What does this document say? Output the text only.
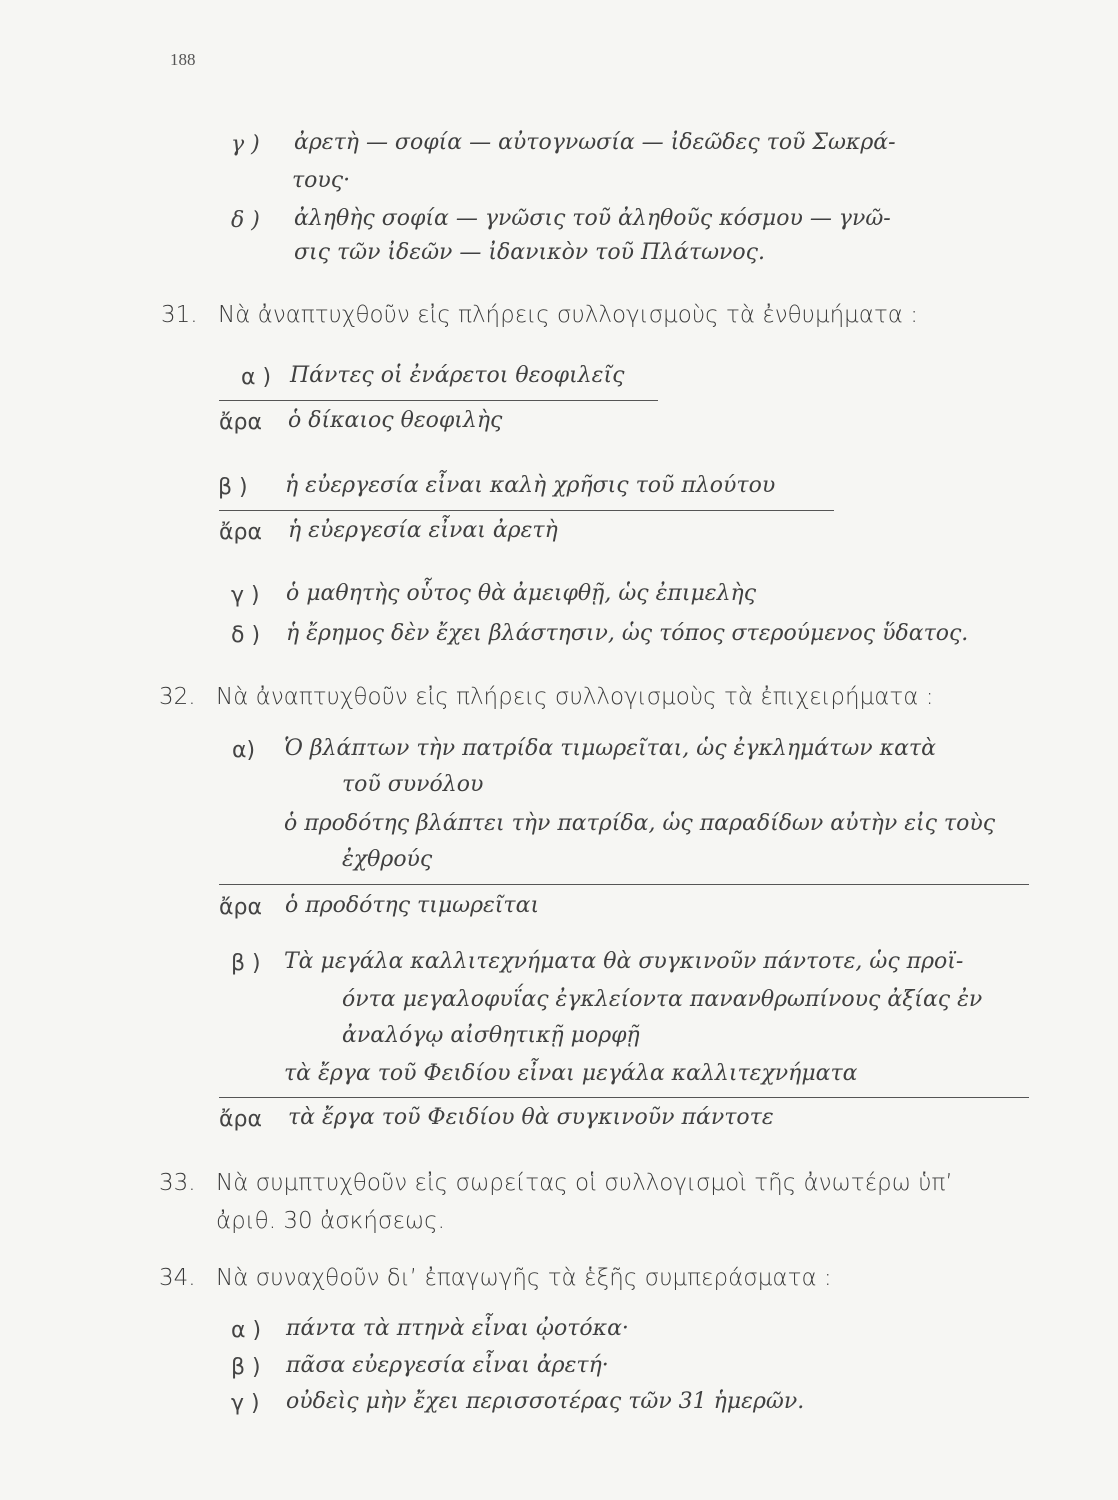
188
γ ) ἀρετὴ — σοφία — αὐτογνωσία — ἰδεῶδες τοῦ Σωκρά-
τους·
δ ) ἀληθὴς σοφία — γνῶσις τοῦ ἀληθοῦς κόσμου — γνῶ-
σις τῶν ἰδεῶν — ἰδανικὸν τοῦ Πλάτωνος.
31. Νὰ ἀναπτυχθοῦν εἰς πλήρεις συλλογισμοὺς τὰ ἐνθυμήματα :
α ) Πάντες οἱ ἐνάρετοι θεοφιλεῖς
ἄρα ὁ δίκαιος θεοφιλὴς
β ) ἡ εὐεργεσία εἶναι καλὴ χρῆσις τοῦ πλούτου
ἄρα ἡ εὐεργεσία εἶναι ἀρετὴ
γ ) ὁ μαθητὴς οὗτος θὰ ἀμειφθῇ, ὡς ἐπιμελὴς
δ ) ἡ ἔρημος δὲν ἔχει βλάστησιν, ὡς τόπος στερούμενος ὕδατος.
32. Νὰ ἀναπτυχθοῦν εἰς πλήρεις συλλογισμοὺς τὰ ἐπιχειρήματα :
α) Ὁ βλάπτων τὴν πατρίδα τιμωρεῖται, ὡς ἐγκλημάτων κατὰ
τοῦ συνόλου
ὁ προδότης βλάπτει τὴν πατρίδα, ὡς παραδίδων αὐτὴν εἰς τοὺς
ἐχθρούς
ἄρα ὁ προδότης τιμωρεῖται
β ) Τὰ μεγάλα καλλιτεχνήματα θὰ συγκινοῦν πάντοτε, ὡς προϊ-
όντα μεγαλοφυΐας ἐγκλείοντα πανανθρωπίνους ἀξίας ἐν
ἀναλόγῳ αἰσθητικῇ μορφῇ
τὰ ἔργα τοῦ Φειδίου εἶναι μεγάλα καλλιτεχνήματα
ἄρα τὰ ἔργα τοῦ Φειδίου θὰ συγκινοῦν πάντοτε
33. Νὰ συμπτυχθοῦν εἰς σωρείτας οἱ συλλογισμοὶ τῆς ἀνωτέρω ὑπ’
ἀριθ. 30 ἀσκήσεως.
34. Νὰ συναχθοῦν δι’ ἐπαγωγῆς τὰ ἑξῆς συμπεράσματα :
α ) πάντα τὰ πτηνὰ εἶναι ᾠοτόκα·
β ) πᾶσα εὐεργεσία εἶναι ἀρετή·
γ ) οὐδεὶς μὴν ἔχει περισσοτέρας τῶν 31 ἡμερῶν.
